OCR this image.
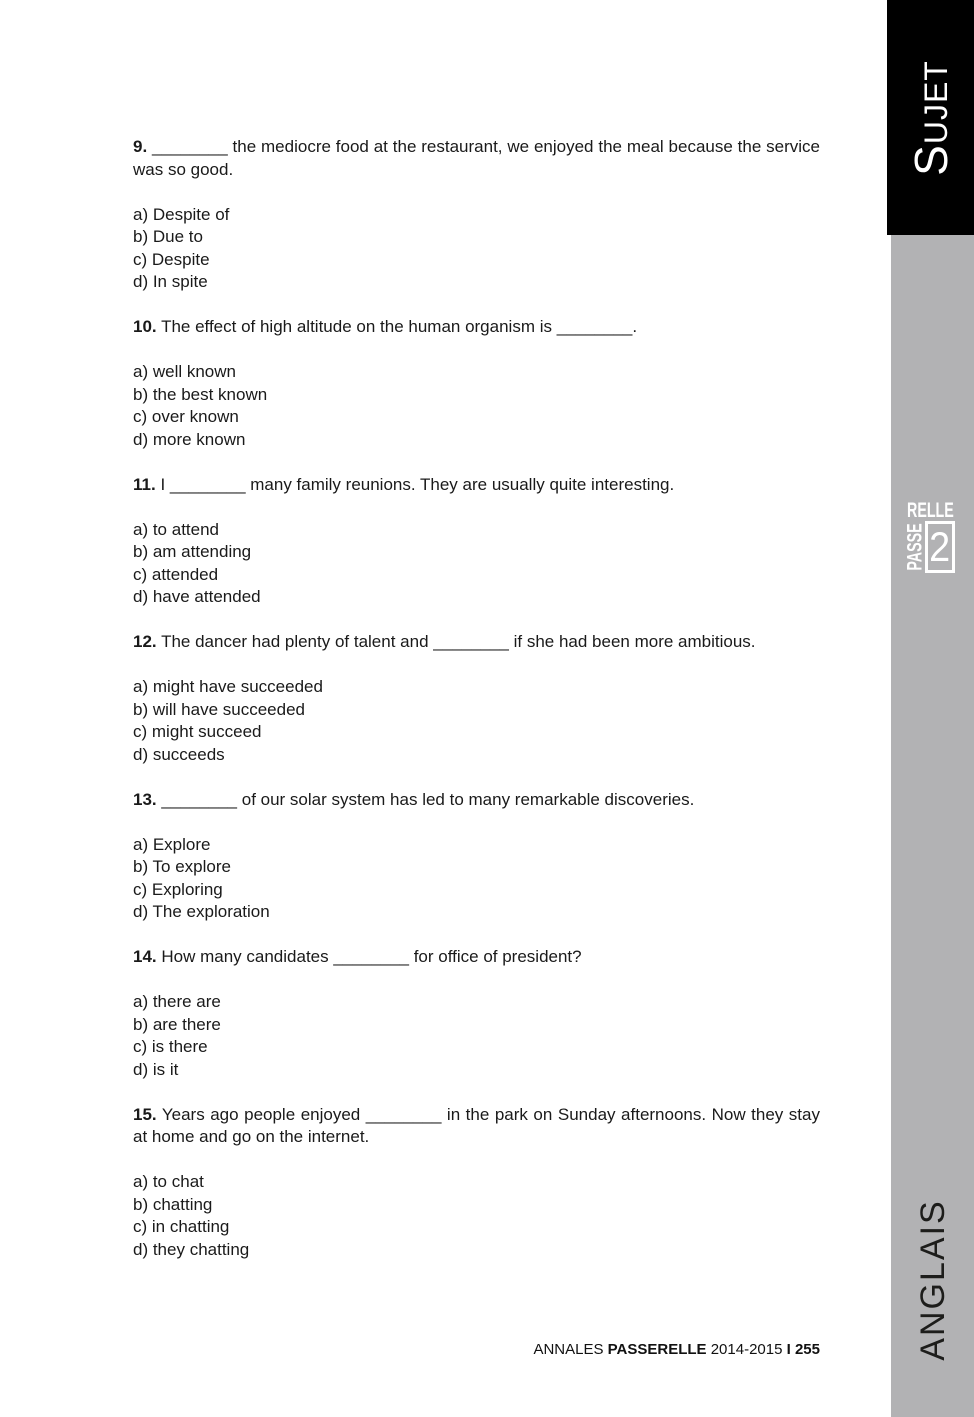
RELLE
PASSE 2
ANGLAIS
SUJET

9. ________ the mediocre food at the restaurant, we enjoyed the meal because the service was so good.

a) Despite of
b) Due to
c) Despite
d) In spite

10. The effect of high altitude on the human organism is ________.

a) well known
b) the best known
c) over known
d) more known

11. I ________ many family reunions. They are usually quite interesting.

a) to attend
b) am attending
c) attended
d) have attended

12. The dancer had plenty of talent and ________ if she had been more ambitious.

a) might have succeeded
b) will have succeeded
c) might succeed
d) succeeds

13. ________ of our solar system has led to many remarkable discoveries.

a) Explore
b) To explore
c) Exploring
d) The exploration

14. How many candidates ________ for office of president?

a) there are
b) are there
c) is there
d) is it

15. Years ago people enjoyed ________ in the park on Sunday afternoons. Now they stay at home and go on the internet.

a) to chat
b) chatting
c) in chatting
d) they chatting
ANNALES PASSERELLE 2014-2015 I 255
